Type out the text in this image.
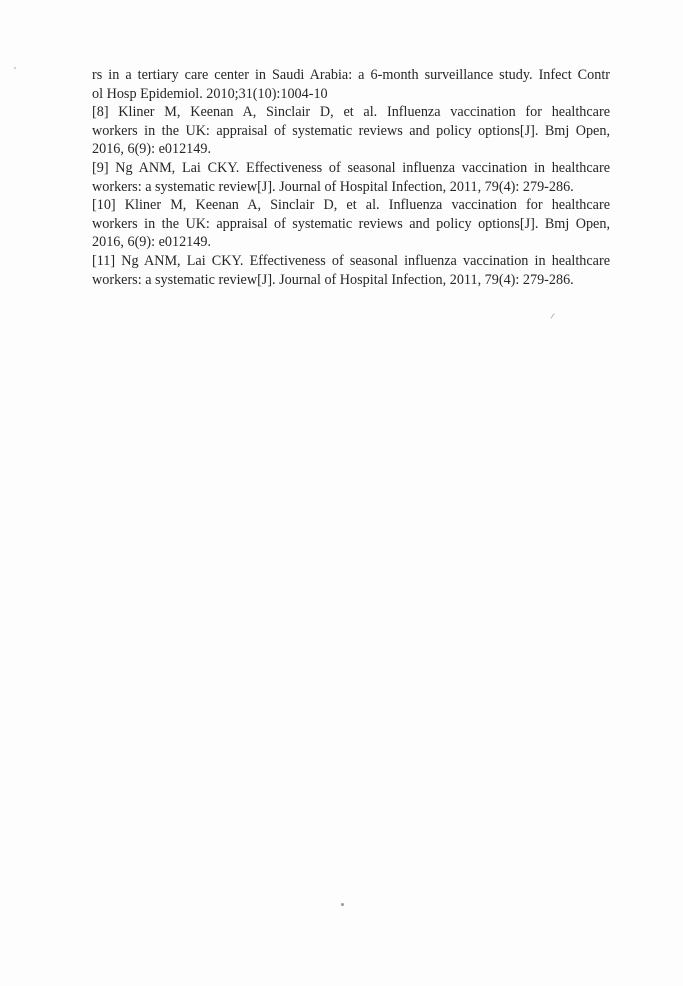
rs in a tertiary care center in Saudi Arabia: a 6-month surveillance study. Infect Contr
ol Hosp Epidemiol. 2010;31(10):1004-10
[8] Kliner M, Keenan A, Sinclair D, et al. Influenza vaccination for healthcare
workers in the UK: appraisal of systematic reviews and policy options[J]. Bmj Open,
2016, 6(9): e012149.
[9] Ng ANM, Lai CKY. Effectiveness of seasonal influenza vaccination in healthcare
workers: a systematic review[J]. Journal of Hospital Infection, 2011, 79(4): 279-286.
[10] Kliner M, Keenan A, Sinclair D, et al. Influenza vaccination for healthcare
workers in the UK: appraisal of systematic reviews and policy options[J]. Bmj Open,
2016, 6(9): e012149.
[11] Ng ANM, Lai CKY. Effectiveness of seasonal influenza vaccination in healthcare
workers: a systematic review[J]. Journal of Hospital Infection, 2011, 79(4): 279-286.
